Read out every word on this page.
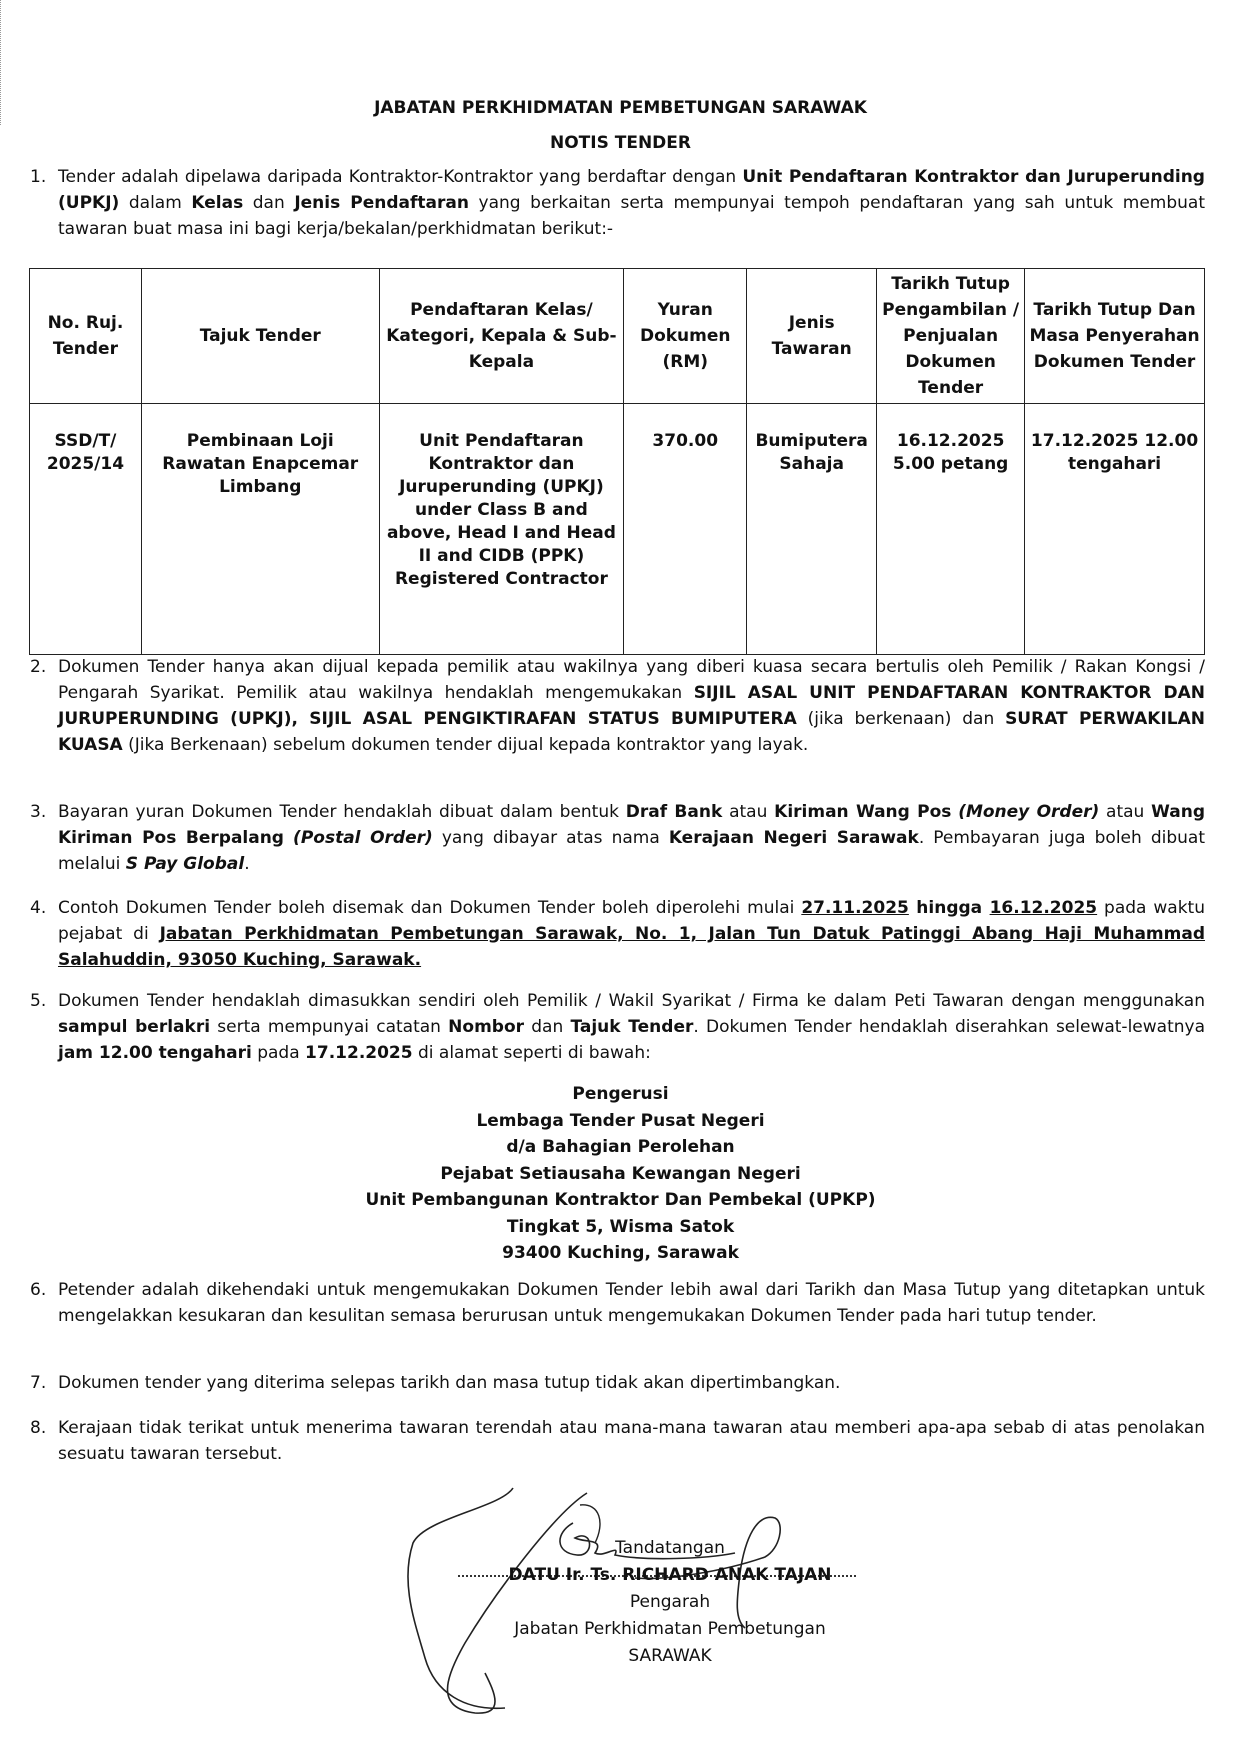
JABATAN PERKHIDMATAN PEMBETUNGAN SARAWAK
NOTIS TENDER
1. Tender adalah dipelawa daripada Kontraktor-Kontraktor yang berdaftar dengan Unit Pendaftaran Kontraktor dan Juruperunding (UPKJ) dalam Kelas dan Jenis Pendaftaran yang berkaitan serta mempunyai tempoh pendaftaran yang sah untuk membuat tawaran buat masa ini bagi kerja/bekalan/perkhidmatan berikut:-
No. Ruj. Tender	Tajuk Tender	Pendaftaran Kelas/ Kategori, Kepala & Sub- Kepala	Yuran Dokumen (RM)	Jenis Tawaran	Tarikh Tutup Pengambilan / Penjualan Dokumen Tender	Tarikh Tutup Dan Masa Penyerahan Dokumen Tender
SSD/T/ 2025/14	Pembinaan Loji Rawatan Enapcemar Limbang	Unit Pendaftaran Kontraktor dan Juruperunding (UPKJ) under Class B and above, Head I and Head II and CIDB (PPK) Registered Contractor	370.00	Bumiputera Sahaja	16.12.2025 5.00 petang	17.12.2025 12.00 tengahari
2. Dokumen Tender hanya akan dijual kepada pemilik atau wakilnya yang diberi kuasa secara bertulis oleh Pemilik / Rakan Kongsi / Pengarah Syarikat. Pemilik atau wakilnya hendaklah mengemukakan SIJIL ASAL UNIT PENDAFTARAN KONTRAKTOR DAN JURUPERUNDING (UPKJ), SIJIL ASAL PENGIKTIRAFAN STATUS BUMIPUTERA (jika berkenaan) dan SURAT PERWAKILAN KUASA (Jika Berkenaan) sebelum dokumen tender dijual kepada kontraktor yang layak.
3. Bayaran yuran Dokumen Tender hendaklah dibuat dalam bentuk Draf Bank atau Kiriman Wang Pos (Money Order) atau Wang Kiriman Pos Berpalang (Postal Order) yang dibayar atas nama Kerajaan Negeri Sarawak. Pembayaran juga boleh dibuat melalui S Pay Global.
4. Contoh Dokumen Tender boleh disemak dan Dokumen Tender boleh diperolehi mulai 27.11.2025 hingga 16.12.2025 pada waktu pejabat di Jabatan Perkhidmatan Pembetungan Sarawak, No. 1, Jalan Tun Datuk Patinggi Abang Haji Muhammad Salahuddin, 93050 Kuching, Sarawak.
5. Dokumen Tender hendaklah dimasukkan sendiri oleh Pemilik / Wakil Syarikat / Firma ke dalam Peti Tawaran dengan menggunakan sampul berlakri serta mempunyai catatan Nombor dan Tajuk Tender. Dokumen Tender hendaklah diserahkan selewat-lewatnya jam 12.00 tengahari pada 17.12.2025 di alamat seperti di bawah:
Pengerusi
Lembaga Tender Pusat Negeri
d/a Bahagian Perolehan
Pejabat Setiausaha Kewangan Negeri
Unit Pembangunan Kontraktor Dan Pembekal (UPKP)
Tingkat 5, Wisma Satok
93400 Kuching, Sarawak
6. Petender adalah dikehendaki untuk mengemukakan Dokumen Tender lebih awal dari Tarikh dan Masa Tutup yang ditetapkan untuk mengelakkan kesukaran dan kesulitan semasa berurusan untuk mengemukakan Dokumen Tender pada hari tutup tender.
7. Dokumen tender yang diterima selepas tarikh dan masa tutup tidak akan dipertimbangkan.
8. Kerajaan tidak terikat untuk menerima tawaran terendah atau mana-mana tawaran atau memberi apa-apa sebab di atas penolakan sesuatu tawaran tersebut.
Tandatangan
DATU Ir. Ts. RICHARD ANAK TAJAN
Pengarah
Jabatan Perkhidmatan Pembetungan
SARAWAK
